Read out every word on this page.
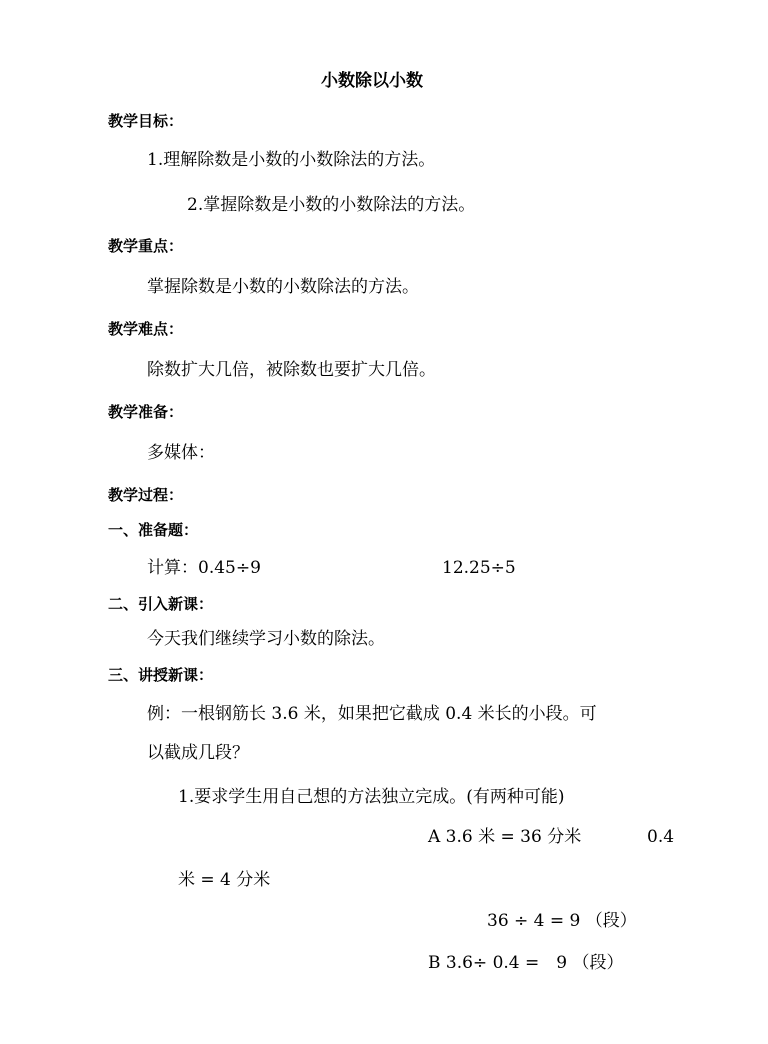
小数除以小数
教学目标：
1.理解除数是小数的小数除法的方法。
2.掌握除数是小数的小数除法的方法。
教学重点：
掌握除数是小数的小数除法的方法。
教学难点：
除数扩大几倍，被除数也要扩大几倍。
教学准备：
多媒体：
教学过程：
一、准备题：
计算：0.45÷9	12.25÷5
二、引入新课：
今天我们继续学习小数的除法。
三、讲授新课：
例：一根钢筋长 3.6 米，如果把它截成 0.4 米长的小段。可
以截成几段？
1.要求学生用自己想的方法独立完成。(有两种可能)
A 3.6 米 = 36 分米	0.4
米 = 4 分米
36 ÷ 4 = 9 （段）
B 3.6÷ 0.4 =　9 （段）
